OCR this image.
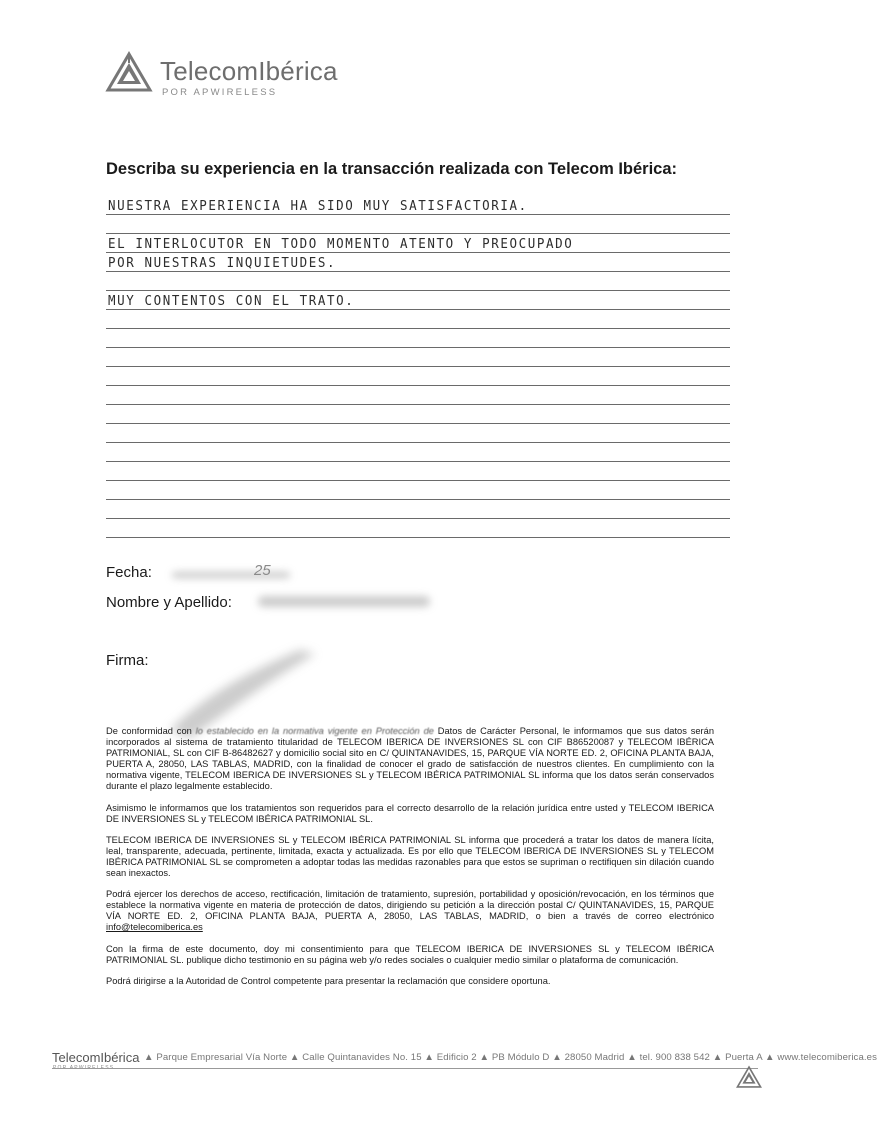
TelecomIbérica
POR APWIRELESS
Describa su experiencia en la transacción realizada con Telecom Ibérica:
NUESTRA EXPERIENCIA HA SIDO MUY SATISFACTORIA.
EL INTERLOCUTOR EN TODO MOMENTO ATENTO Y PREOCUPADO
POR NUESTRAS INQUIETUDES.
MUY CONTENTOS CON EL TRATO.
Fecha:	25
Nombre y Apellido:
Firma:

De conformidad con lo establecido en la normativa vigente en Protección de Datos de Carácter Personal, le informamos que sus datos serán incorporados al sistema de tratamiento titularidad de TELECOM IBERICA DE INVERSIONES SL con CIF B86520087 y TELECOM IBÉRICA PATRIMONIAL, SL con CIF B-86482627 y domicilio social sito en C/ QUINTANAVIDES, 15, PARQUE VÍA NORTE ED. 2, OFICINA PLANTA BAJA, PUERTA A, 28050, LAS TABLAS, MADRID, con la finalidad de conocer el grado de satisfacción de nuestros clientes. En cumplimiento con la normativa vigente, TELECOM IBERICA DE INVERSIONES SL y TELECOM IBÉRICA PATRIMONIAL SL informa que los datos serán conservados durante el plazo legalmente establecido.

Asimismo le informamos que los tratamientos son requeridos para el correcto desarrollo de la relación jurídica entre usted y TELECOM IBERICA DE INVERSIONES SL y TELECOM IBÉRICA PATRIMONIAL SL.

TELECOM IBERICA DE INVERSIONES SL y TELECOM IBÉRICA PATRIMONIAL SL informa que procederá a tratar los datos de manera lícita, leal, transparente, adecuada, pertinente, limitada, exacta y actualizada. Es por ello que TELECOM IBERICA DE INVERSIONES SL y TELECOM IBÉRICA PATRIMONIAL SL se comprometen a adoptar todas las medidas razonables para que estos se supriman o rectifiquen sin dilación cuando sean inexactos.

Podrá ejercer los derechos de acceso, rectificación, limitación de tratamiento, supresión, portabilidad y oposición/revocación, en los términos que establece la normativa vigente en materia de protección de datos, dirigiendo su petición a la dirección postal C/ QUINTANAVIDES, 15, PARQUE VÍA NORTE ED. 2, OFICINA PLANTA BAJA, PUERTA A, 28050, LAS TABLAS, MADRID, o bien a través de correo electrónico info@telecomiberica.es

Con la firma de este documento, doy mi consentimiento para que TELECOM IBERICA DE INVERSIONES SL y TELECOM IBÉRICA PATRIMONIAL SL. publique dicho testimonio en su página web y/o redes sociales o cualquier medio similar o plataforma de comunicación.

Podrá dirigirse a la Autoridad de Control competente para presentar la reclamación que considere oportuna.

TelecomIbérica ▲ Parque Empresarial Vía Norte ▲ Calle Quintanavides No. 15 ▲ Edificio 2 ▲ PB Módulo D ▲ 28050 Madrid ▲ tel. 900 838 542 ▲ Puerta A ▲ www.telecomiberica.es
